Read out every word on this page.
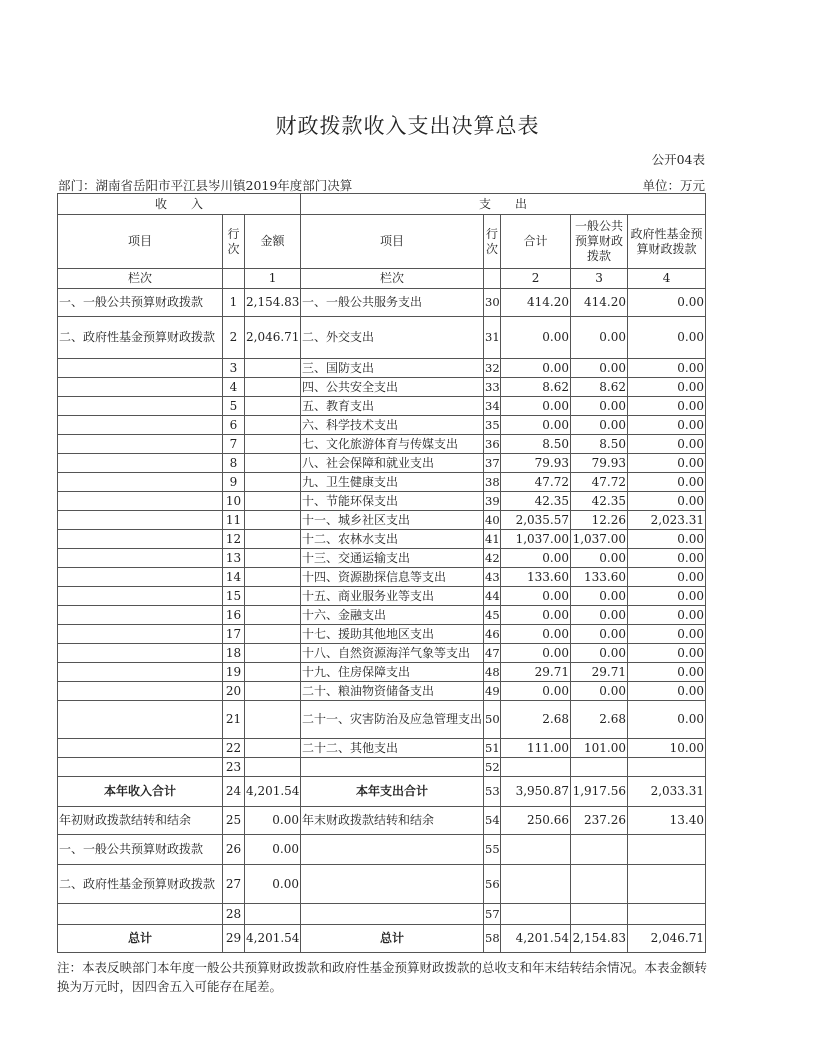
财政拨款收入支出决算总表
公开04表
部门：湖南省岳阳市平江县岑川镇2019年度部门决算	单位：万元
收　　入			支　　出				
项目	行次	金额	项目	行次	合计	一般公共预算财政拨款	政府性基金预算财政拨款
栏次		1	栏次		2	3	4
一、一般公共预算财政拨款	1	2,154.83	一、一般公共服务支出	30	414.20	414.20	0.00
二、政府性基金预算财政拨款	2	2,046.71	二、外交支出	31	0.00	0.00	0.00
	3		三、国防支出	32	0.00	0.00	0.00
	4		四、公共安全支出	33	8.62	8.62	0.00
	5		五、教育支出	34	0.00	0.00	0.00
	6		六、科学技术支出	35	0.00	0.00	0.00
	7		七、文化旅游体育与传媒支出	36	8.50	8.50	0.00
	8		八、社会保障和就业支出	37	79.93	79.93	0.00
	9		九、卫生健康支出	38	47.72	47.72	0.00
	10		十、节能环保支出	39	42.35	42.35	0.00
	11		十一、城乡社区支出	40	2,035.57	12.26	2,023.31
	12		十二、农林水支出	41	1,037.00	1,037.00	0.00
	13		十三、交通运输支出	42	0.00	0.00	0.00
	14		十四、资源勘探信息等支出	43	133.60	133.60	0.00
	15		十五、商业服务业等支出	44	0.00	0.00	0.00
	16		十六、金融支出	45	0.00	0.00	0.00
	17		十七、援助其他地区支出	46	0.00	0.00	0.00
	18		十八、自然资源海洋气象等支出	47	0.00	0.00	0.00
	19		十九、住房保障支出	48	29.71	29.71	0.00
	20		二十、粮油物资储备支出	49	0.00	0.00	0.00
	21		二十一、灾害防治及应急管理支出	50	2.68	2.68	0.00
	22		二十二、其他支出	51	111.00	101.00	10.00
	23			52			
本年收入合计	24	4,201.54	本年支出合计	53	3,950.87	1,917.56	2,033.31
年初财政拨款结转和结余	25	0.00	年末财政拨款结转和结余	54	250.66	237.26	13.40
一、一般公共预算财政拨款	26	0.00		55			
二、政府性基金预算财政拨款	27	0.00		56			
	28			57			
总计	29	4,201.54	总计	58	4,201.54	2,154.83	2,046.71
注：本表反映部门本年度一般公共预算财政拨款和政府性基金预算财政拨款的总收支和年末结转结余情况。本表金额转换为万元时，因四舍五入可能存在尾差。
